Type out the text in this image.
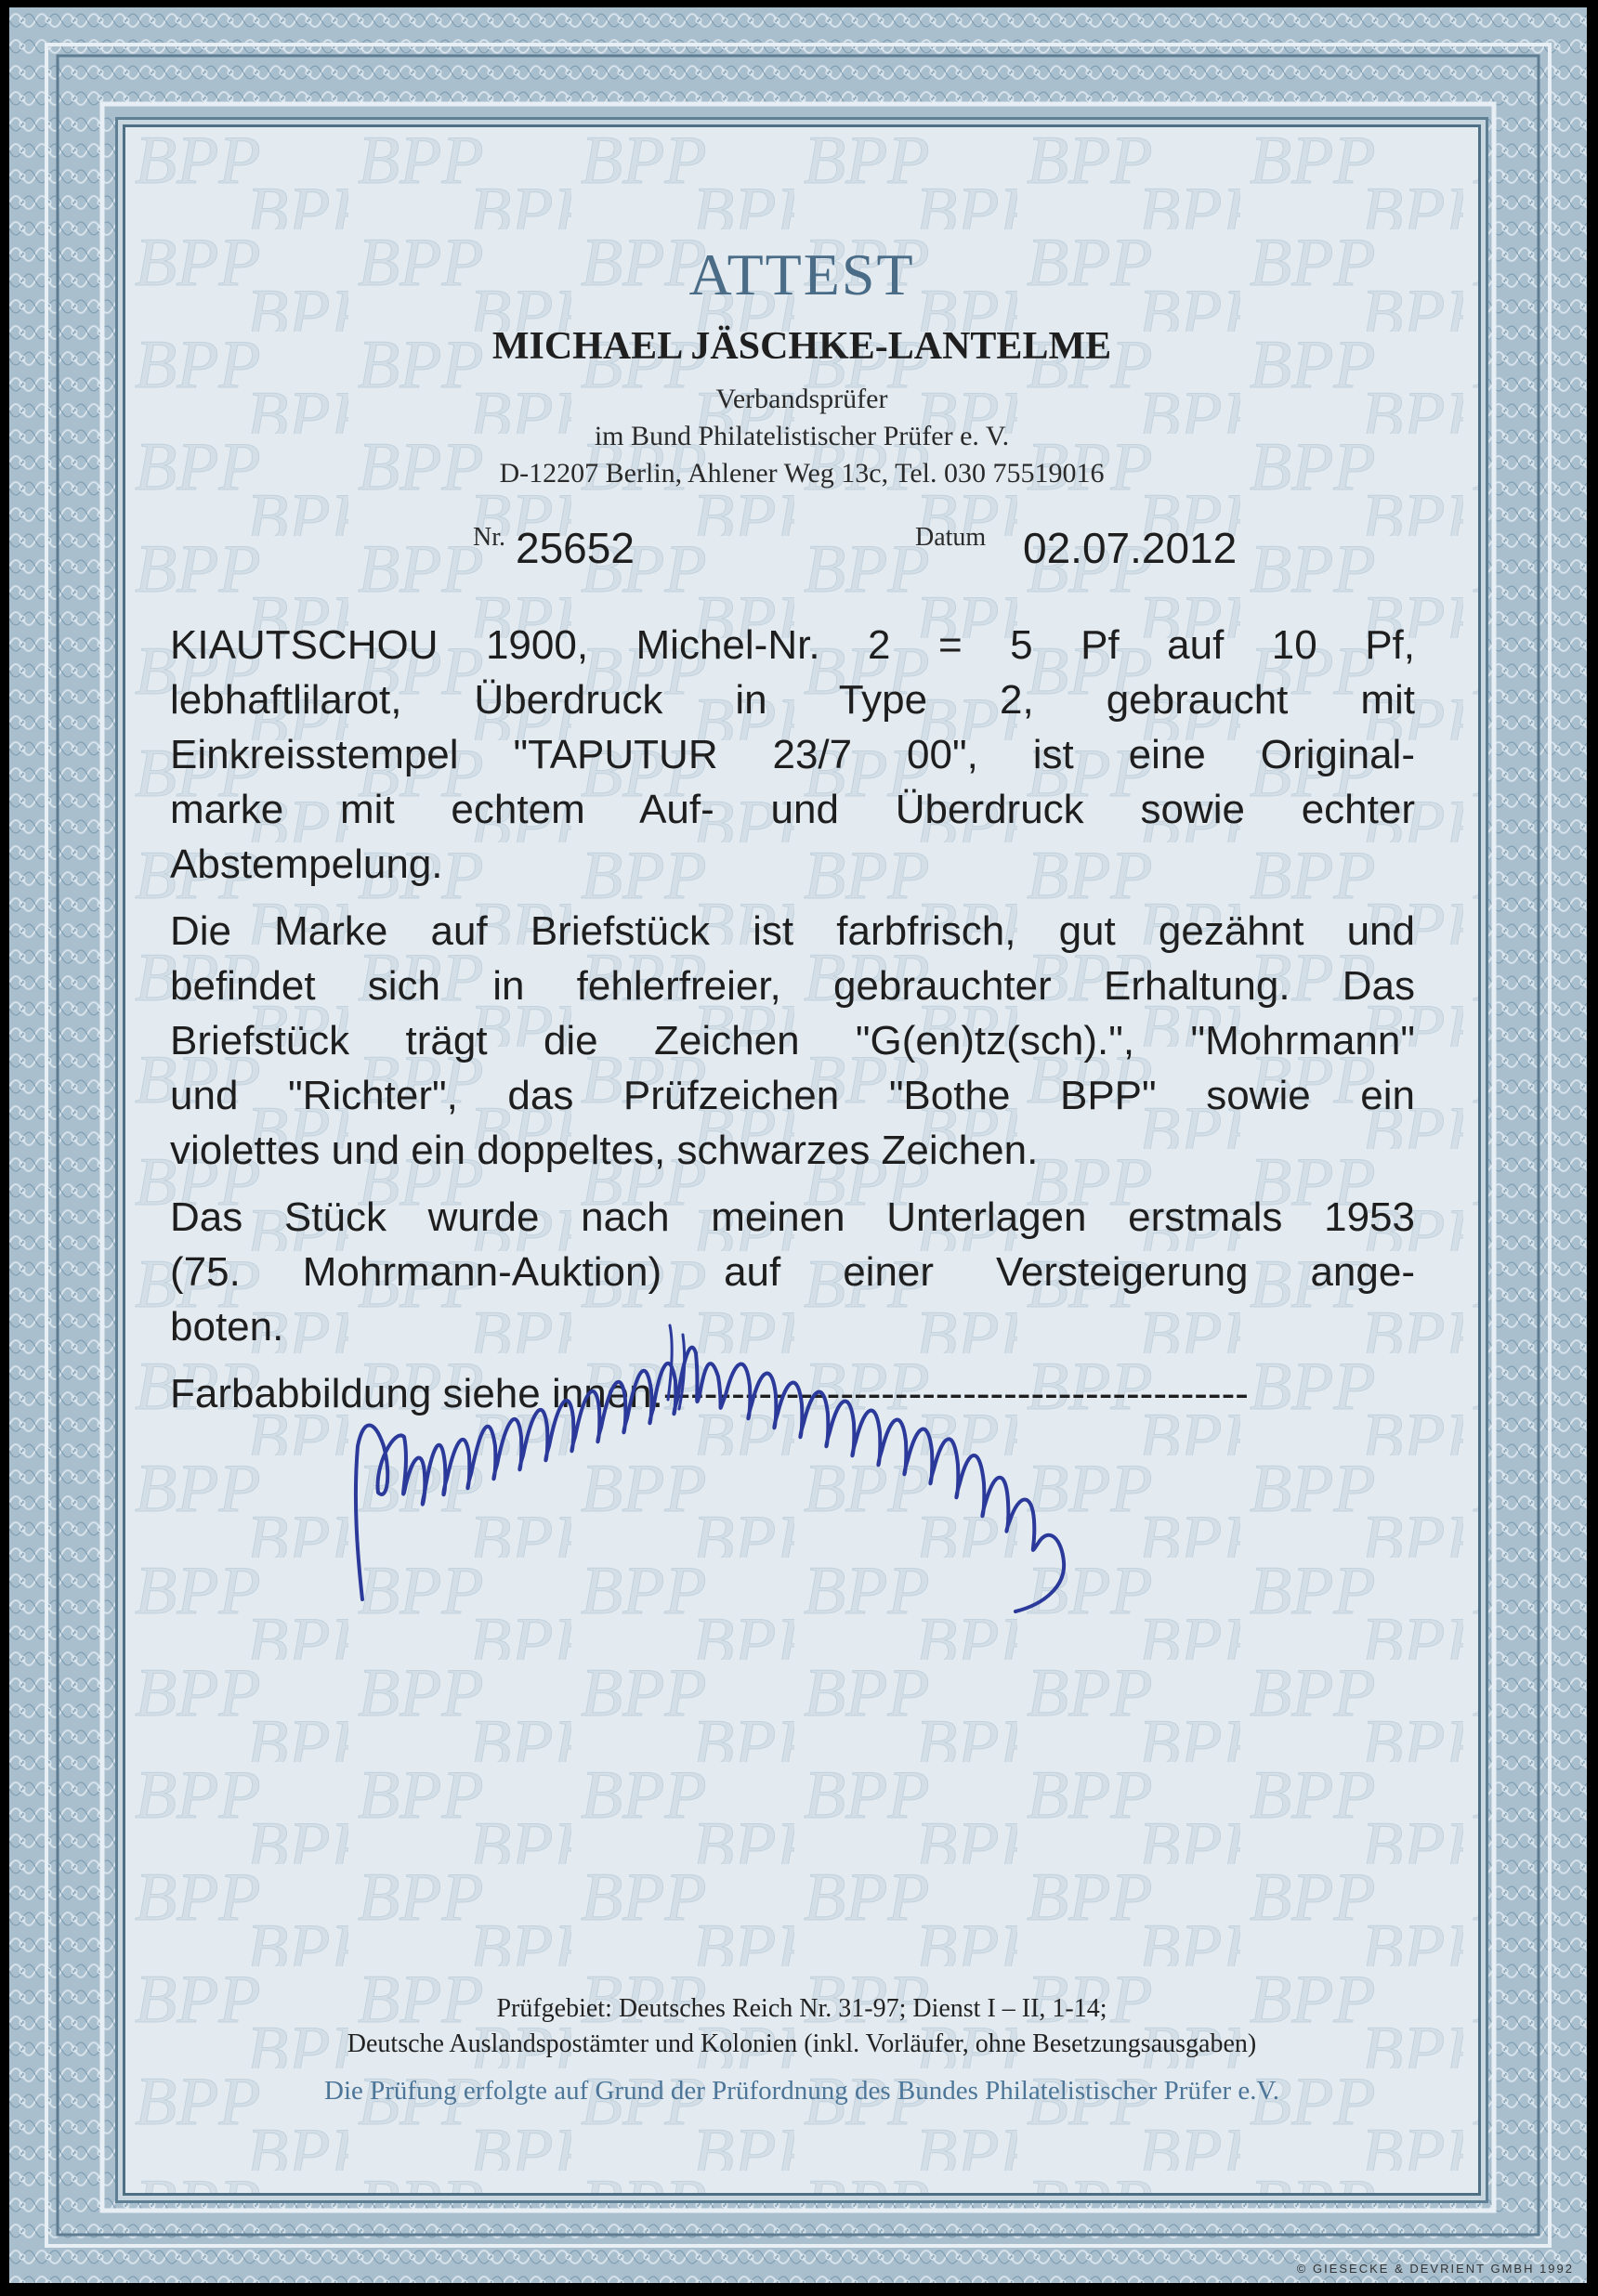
ATTEST
MICHAEL JÄSCHKE-LANTELME
Verbandsprüfer
im Bund Philatelistischer Prüfer e. V.
D-12207 Berlin, Ahlener Weg 13c, Tel. 030 75519016
Nr. 25652	Datum 02.07.2012
KIAUTSCHOU 1900, Michel-Nr. 2 = 5 Pf auf 10 Pf,
lebhaftlilarot, Überdruck in Type 2, gebraucht mit
Einkreisstempel "TAPUTUR 23/7 00", ist eine Original-
marke mit echtem Auf- und Überdruck sowie echter
Abstempelung.
Die Marke auf Briefstück ist farbfrisch, gut gezähnt und
befindet sich in fehlerfreier, gebrauchter Erhaltung. Das
Briefstück trägt die Zeichen "G(en)tz(sch).", "Mohrmann"
und "Richter", das Prüfzeichen "Bothe BPP" sowie ein
violettes und ein doppeltes, schwarzes Zeichen.
Das Stück wurde nach meinen Unterlagen erstmals 1953
(75. Mohrmann-Auktion) auf einer Versteigerung ange-
boten.
Farbabbildung siehe innen.-------------------------------------------
Prüfgebiet: Deutsches Reich Nr. 31-97; Dienst I – II, 1-14;
Deutsche Auslandspostämter und Kolonien (inkl. Vorläufer, ohne Besetzungsausgaben)
Die Prüfung erfolgte auf Grund der Prüfordnung des Bundes Philatelistischer Prüfer e.V.
© GIESECKE & DEVRIENT GMBH 1992
